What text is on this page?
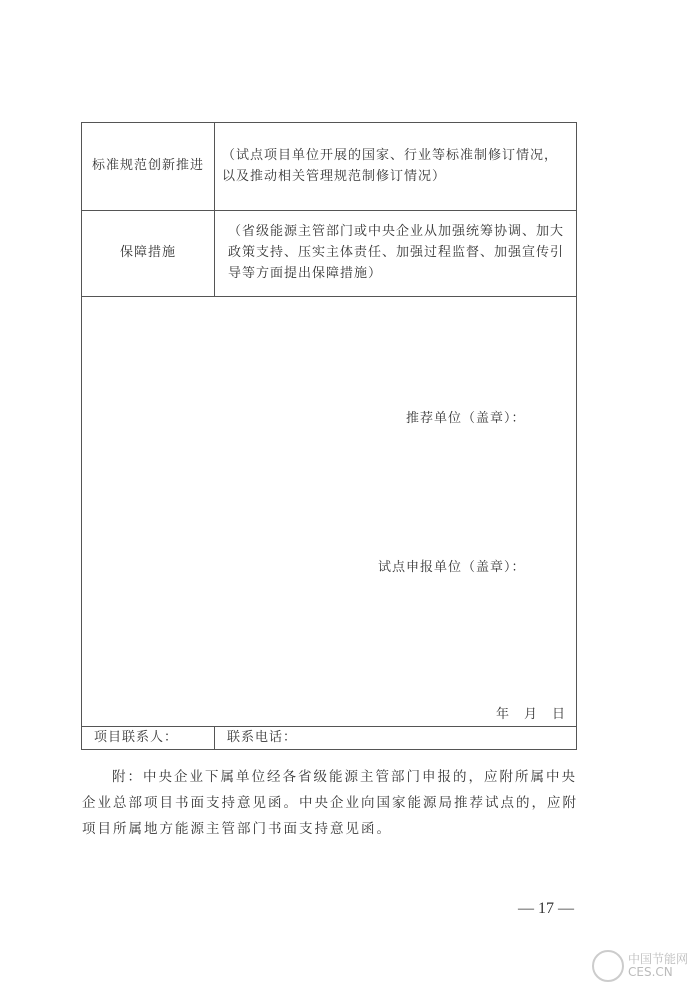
标准规范创新推进
（试点项目单位开展的国家、行业等标准制修订情况，
以及推动相关管理规范制修订情况）
保障措施
（省级能源主管部门或中央企业从加强统筹协调、加大
政策支持、压实主体责任、加强过程监督、加强宣传引
导等方面提出保障措施）
推荐单位（盖章）：
试点申报单位（盖章）：
年　月　日
项目联系人：	联系电话：
附：中央企业下属单位经各省级能源主管部门申报的，应附所属中央企业总部项目书面支持意见函。中央企业向国家能源局推荐试点的，应附项目所属地方能源主管部门书面支持意见函。
— 17 —
中国节能网
CES.CN
